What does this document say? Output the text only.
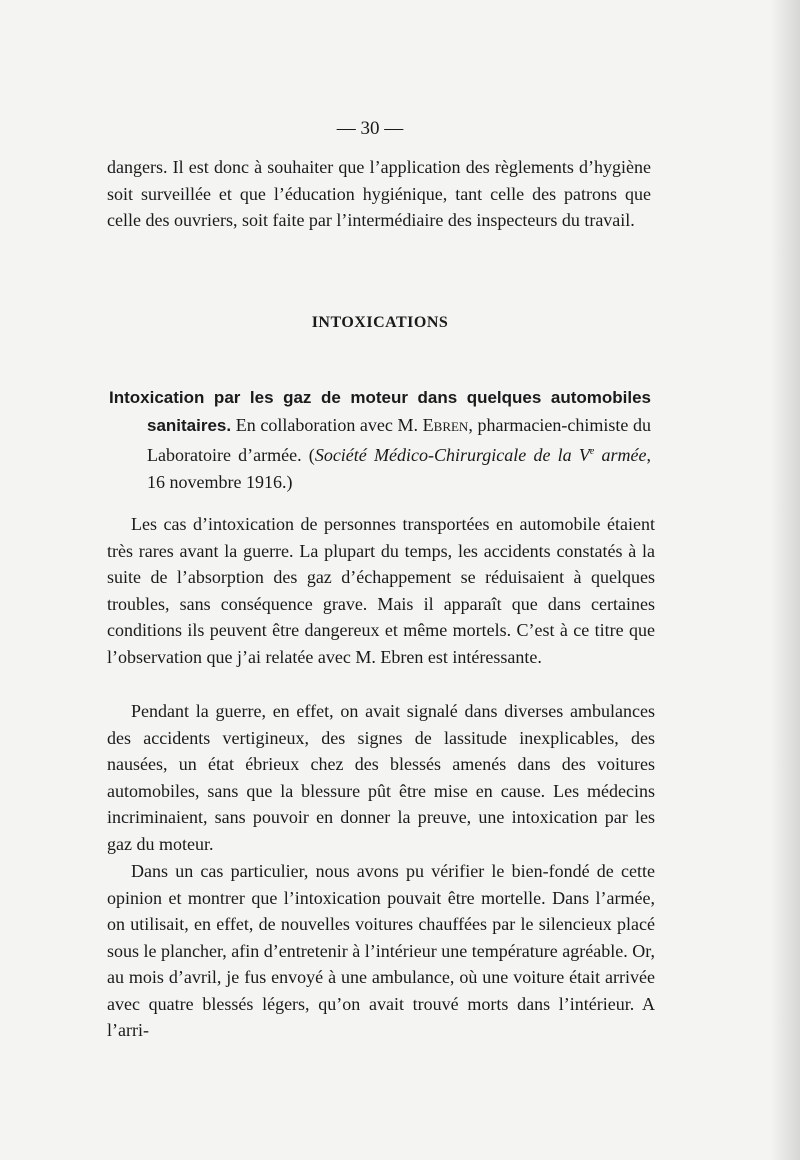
— 30 —

dangers. Il est donc à souhaiter que l’application des règlements d’hygiène soit surveillée et que l’éducation hygiénique, tant celle des patrons que celle des ouvriers, soit faite par l’intermédiaire des inspecteurs du travail.

INTOXICATIONS

Intoxication par les gaz de moteur dans quelques automobiles sanitaires. En collaboration avec M. Ebren, pharmacien-chimiste du Laboratoire d’armée. (Société Médico-Chirurgicale de la Ve armée, 16 novembre 1916.)

Les cas d’intoxication de personnes transportées en automobile étaient très rares avant la guerre. La plupart du temps, les accidents constatés à la suite de l’absorption des gaz d’échappement se réduisaient à quelques troubles, sans conséquence grave. Mais il apparaît que dans certaines conditions ils peuvent être dangereux et même mortels. C’est à ce titre que l’observation que j’ai relatée avec M. Ebren est intéressante.

Pendant la guerre, en effet, on avait signalé dans diverses ambulances des accidents vertigineux, des signes de lassitude inexplicables, des nausées, un état ébrieux chez des blessés amenés dans des voitures automobiles, sans que la blessure pût être mise en cause. Les médecins incriminaient, sans pouvoir en donner la preuve, une intoxication par les gaz du moteur.

Dans un cas particulier, nous avons pu vérifier le bien-fondé de cette opinion et montrer que l’intoxication pouvait être mortelle. Dans l’armée, on utilisait, en effet, de nouvelles voitures chauffées par le silencieux placé sous le plancher, afin d’entretenir à l’intérieur une température agréable. Or, au mois d’avril, je fus envoyé à une ambulance, où une voiture était arrivée avec quatre blessés légers, qu’on avait trouvé morts dans l’intérieur. A l’arri-
